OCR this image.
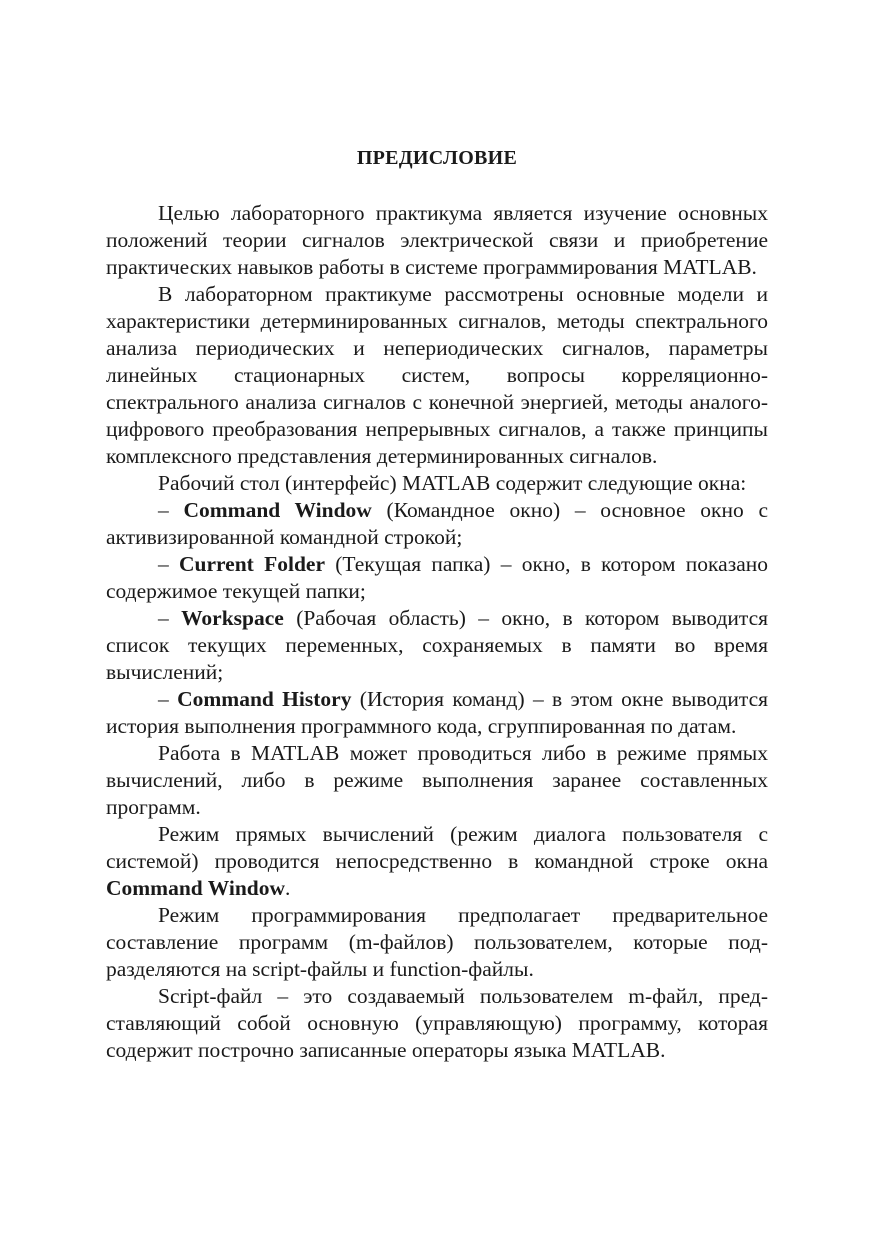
ПРЕДИСЛОВИЕ

Целью лабораторного практикума является изучение основных положений теории сигналов электрической связи и приобретение практических навыков работы в системе программирования MATLAB.

В лабораторном практикуме рассмотрены основные модели и характеристики детерминированных сигналов, методы спектрального анализа периодических и непериодических сигналов, параметры линейных стационарных систем, вопросы корреляционно-спектрального анализа сигналов с конечной энергией, методы аналого-цифрового преобразования непрерывных сигналов, а также принципы комплексного представления детерминированных сигналов.

Рабочий стол (интерфейс) MATLAB содержит следующие окна:

– Command Window (Командное окно) – основное окно с активизированной командной строкой;

– Current Folder (Текущая папка) – окно, в котором показано содержимое текущей папки;

– Workspace (Рабочая область) – окно, в котором выводится список текущих переменных, сохраняемых в памяти во время вычислений;

– Command History (История команд) – в этом окне выводится история выполнения программного кода, сгруппированная по датам.

Работа в MATLAB может проводиться либо в режиме прямых вычислений, либо в режиме выполнения заранее составленных программ.

Режим прямых вычислений (режим диалога пользователя с системой) проводится непосредственно в командной строке окна Command Window.

Режим программирования предполагает предварительное составление программ (m-файлов) пользователем, которые подразделяются на script-файлы и function-файлы.

Script-файл – это создаваемый пользователем m-файл, представляющий собой основную (управляющую) программу, которая содержит построчно записанные операторы языка MATLAB.
